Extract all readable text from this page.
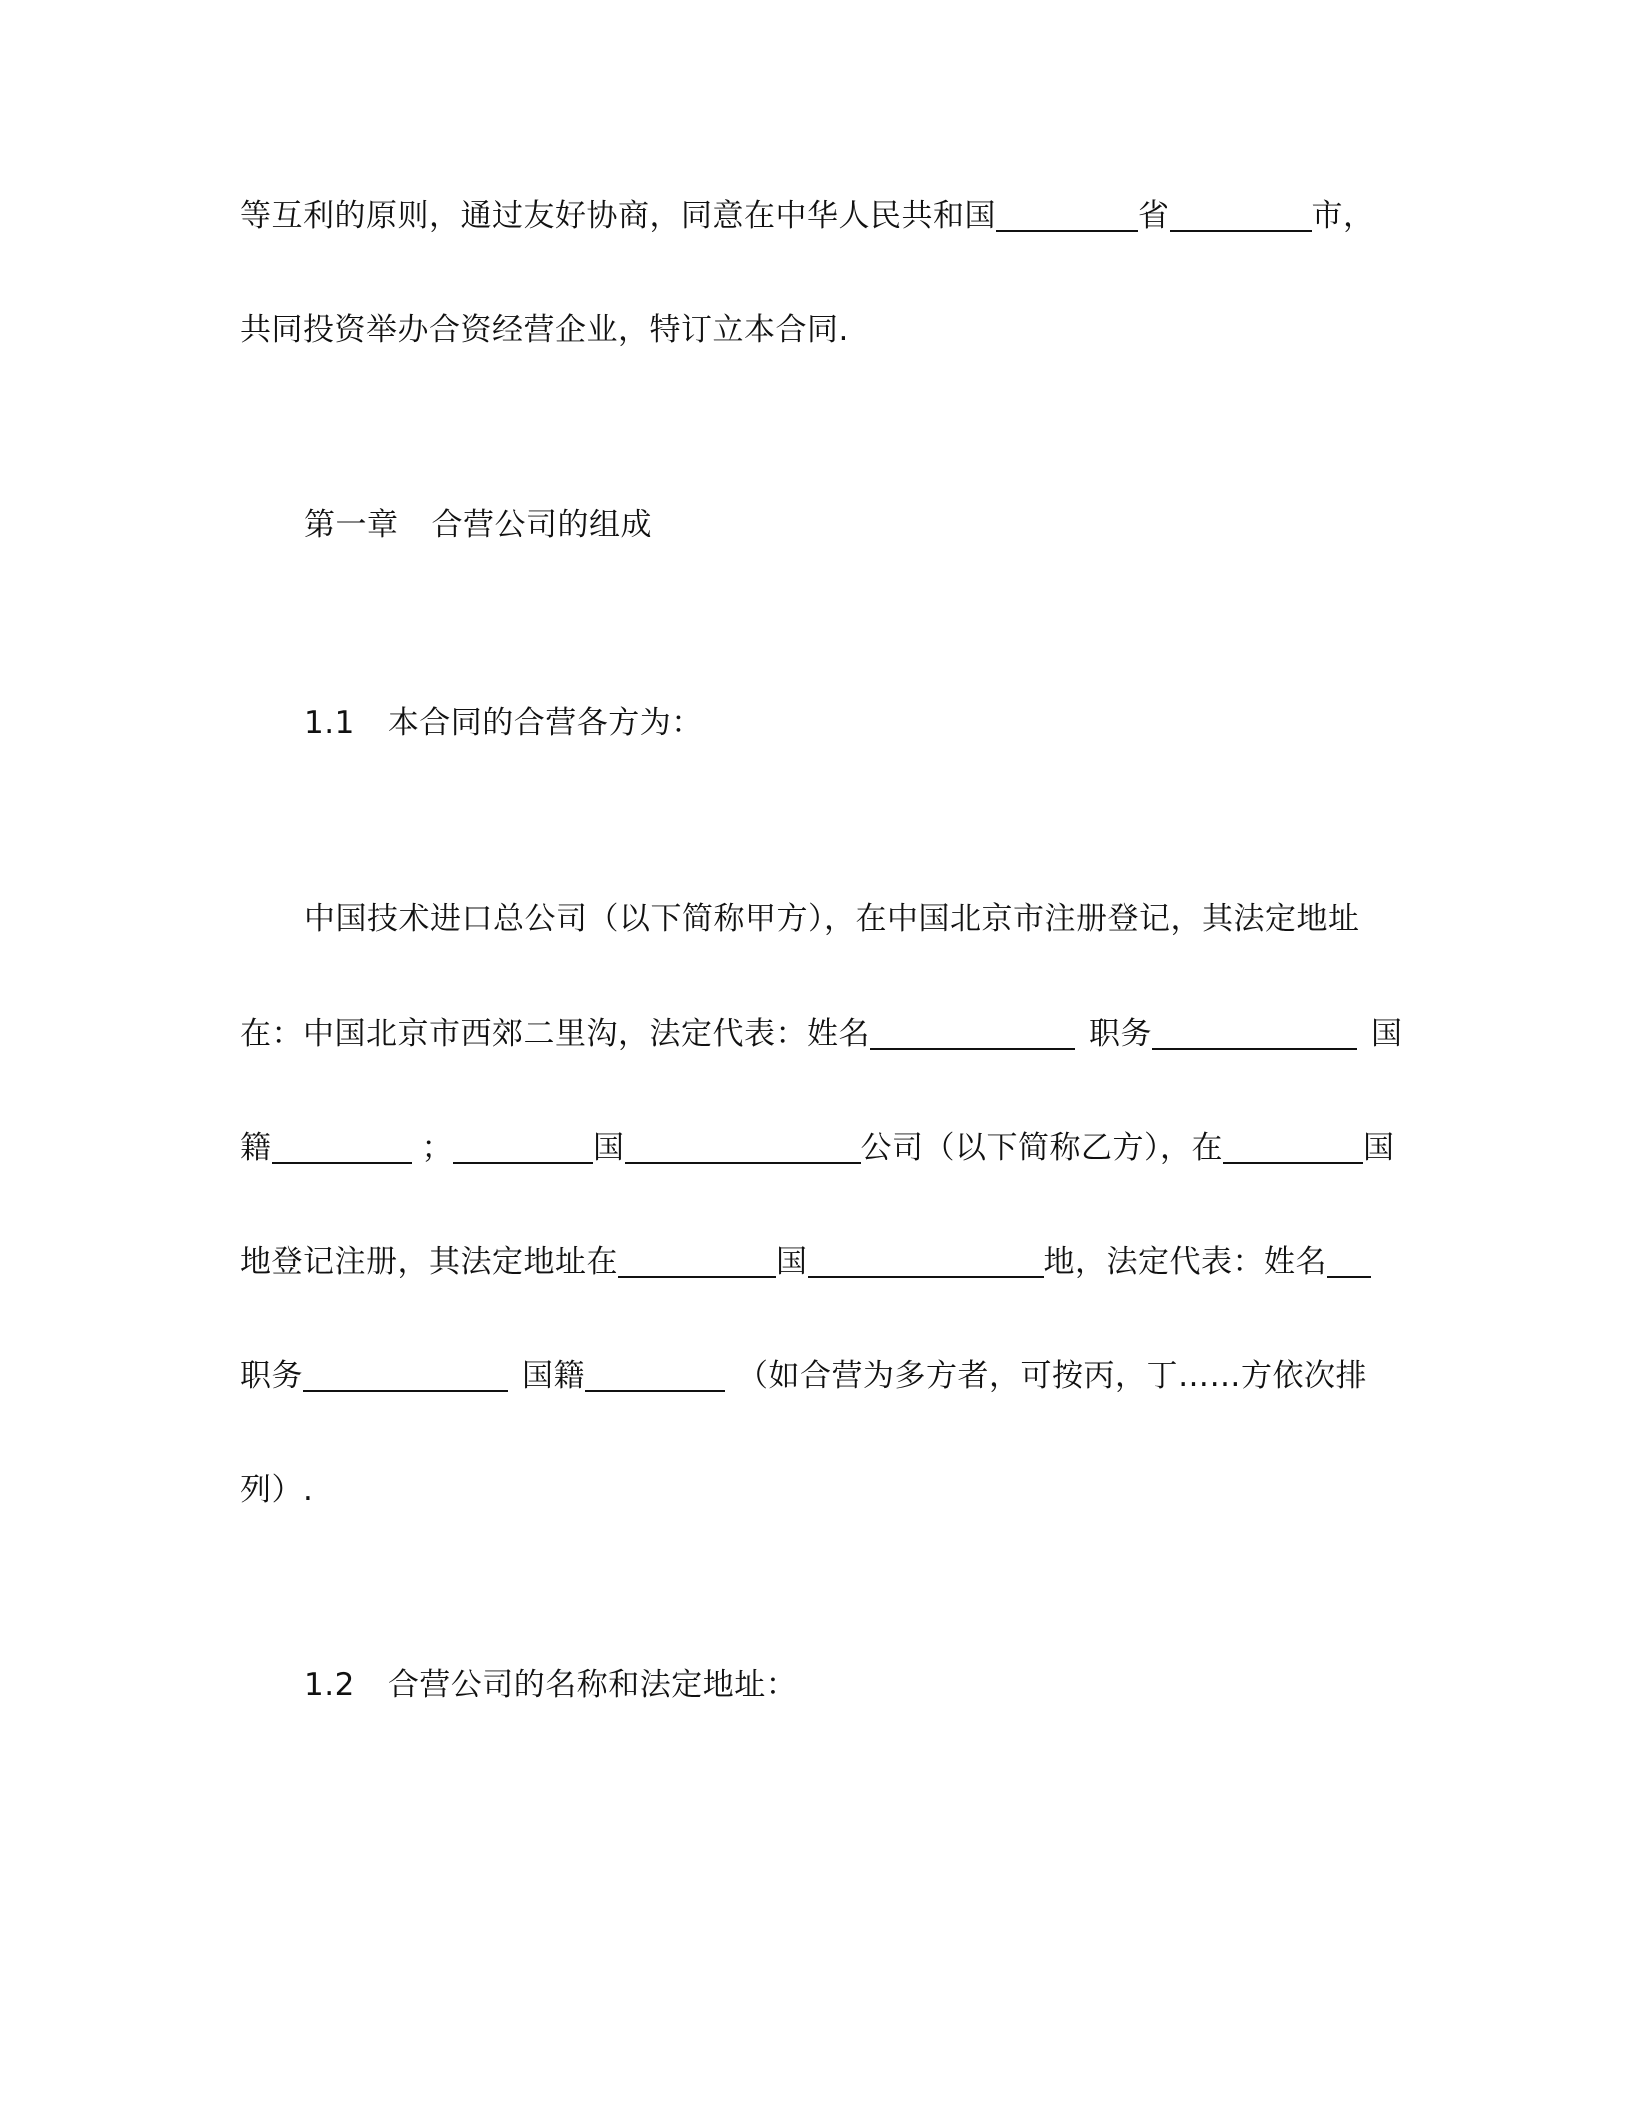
等互利的原则，通过友好协商，同意在中华人民共和国	省	市，
共同投资举办合资经营企业，特订立本合同.
第一章 合营公司的组成
1.1 本合同的合营各方为：
中国技术进口总公司（以下简称甲方），在中国北京市注册登记，其法定地址
在：中国北京市西郊二里沟，法定代表：姓名	职务	国
籍	；	国	公司（以下简称乙方），在	国
地登记注册，其法定地址在	国	地，法定代表：姓名
职务	国籍	（如合营为多方者，可按丙，丁……方依次排
列）.
1.2 合营公司的名称和法定地址：
